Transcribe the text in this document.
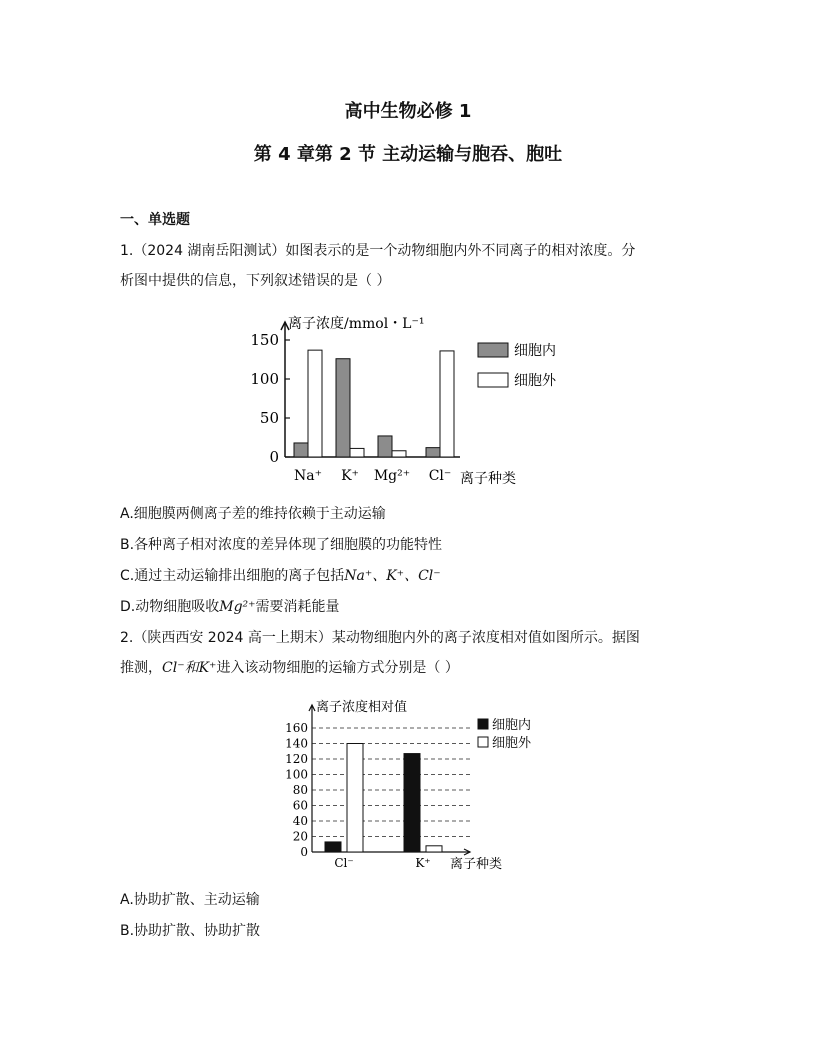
高中生物必修 1
第 4 章第 2 节 主动运输与胞吞、胞吐
一、单选题
1.（2024 湖南岳阳测试）如图表示的是一个动物细胞内外不同离子的相对浓度。分
析图中提供的信息，下列叙述错误的是（ ）
0
50
100
150
Na⁺ K⁺ Mg²⁺ Cl⁻
离子浓度/mmol・L⁻¹
离子种类
细胞内
细胞外
A.细胞膜两侧离子差的维持依赖于主动运输
B.各种离子相对浓度的差异体现了细胞膜的功能特性
C.通过主动运输排出细胞的离子包括Na⁺、K⁺、Cl⁻
D.动物细胞吸收Mg²⁺需要消耗能量
2.（陕西西安 2024 高一上期末）某动物细胞内外的离子浓度相对值如图所示。据图
推测，Cl⁻和K⁺进入该动物细胞的运输方式分别是（ ）
0
20
40
60
80
100
120
140
160
Cl⁻	K⁺
离子浓度相对值
离子种类
细胞内
细胞外
A.协助扩散、主动运输
B.协助扩散、协助扩散
